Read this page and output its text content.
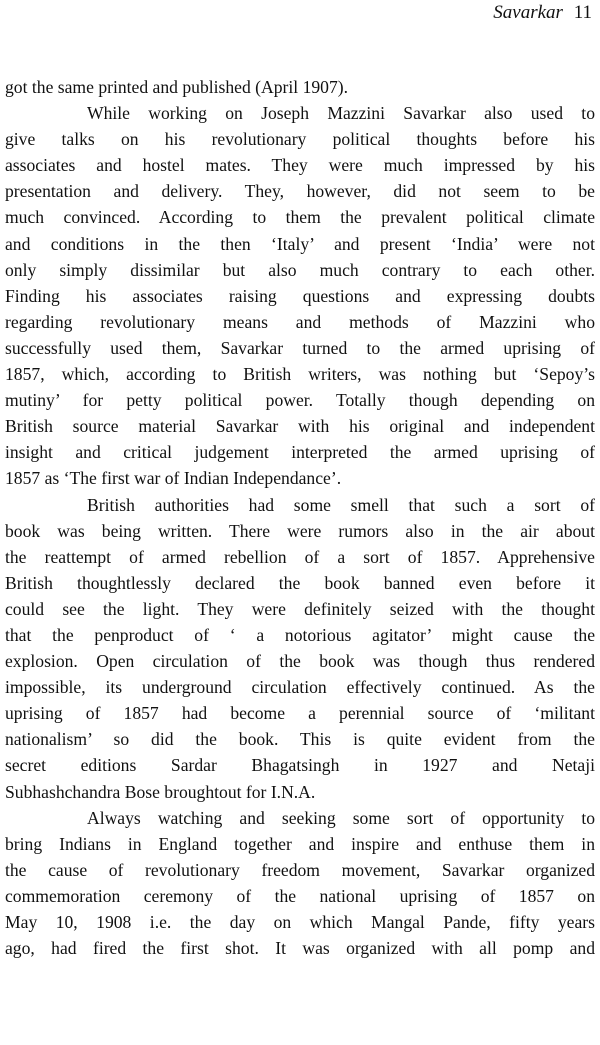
Savarkar 11
got the same printed and published (April 1907).
While working on Joseph Mazzini Savarkar also used to
give talks on his revolutionary political thoughts before his
associates and hostel mates. They were much impressed by his
presentation and delivery. They, however, did not seem to be
much convinced. According to them the prevalent political climate
and conditions in the then ‘Italy’ and present ‘India’ were not
only simply dissimilar but also much contrary to each other.
Finding his associates raising questions and expressing doubts
regarding revolutionary means and methods of Mazzini who
successfully used them, Savarkar turned to the armed uprising of
1857, which, according to British writers, was nothing but ‘Sepoy’s
mutiny’ for petty political power. Totally though depending on
British source material Savarkar with his original and independent
insight and critical judgement interpreted the armed uprising of
1857 as ‘The first war of Indian Independance’.
British authorities had some smell that such a sort of
book was being written. There were rumors also in the air about
the reattempt of armed rebellion of a sort of 1857. Apprehensive
British thoughtlessly declared the book banned even before it
could see the light. They were definitely seized with the thought
that the penproduct of ‘ a notorious agitator’ might cause the
explosion. Open circulation of the book was though thus rendered
impossible, its underground circulation effectively continued. As the
uprising of 1857 had become a perennial source of ‘militant
nationalism’ so did the book. This is quite evident from the
secret editions Sardar Bhagatsingh in 1927 and Netaji
Subhashchandra Bose broughtout for I.N.A.
Always watching and seeking some sort of opportunity to
bring Indians in England together and inspire and enthuse them in
the cause of revolutionary freedom movement, Savarkar organized
commemoration ceremony of the national uprising of 1857 on
May 10, 1908 i.e. the day on which Mangal Pande, fifty years
ago, had fired the first shot. It was organized with all pomp and
